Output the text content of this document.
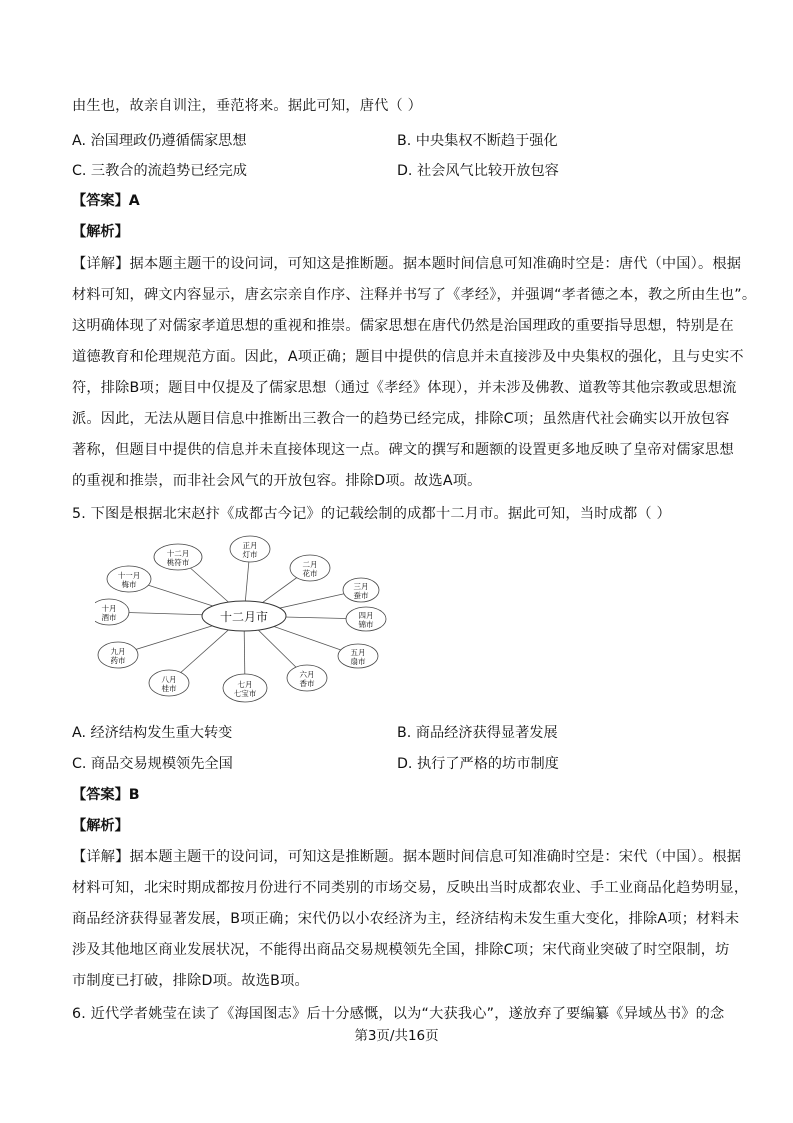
由生也，故亲自训注，垂范将来。据此可知，唐代（ ）
A. 治国理政仍遵循儒家思想	B. 中央集权不断趋于强化
C. 三教合的流趋势已经完成	D. 社会风气比较开放包容
【答案】A
【解析】
【详解】据本题主题干的设问词，可知这是推断题。据本题时间信息可知准确时空是：唐代（中国）。根据
材料可知，碑文内容显示，唐玄宗亲自作序、注释并书写了《孝经》，并强调“孝者德之本，教之所由生也”。
这明确体现了对儒家孝道思想的重视和推崇。儒家思想在唐代仍然是治国理政的重要指导思想，特别是在
道德教育和伦理规范方面。因此，A项正确；题目中提供的信息并未直接涉及中央集权的强化，且与史实不
符，排除B项；题目中仅提及了儒家思想（通过《孝经》体现），并未涉及佛教、道教等其他宗教或思想流
派。因此，无法从题目信息中推断出三教合一的趋势已经完成，排除C项；虽然唐代社会确实以开放包容
著称，但题目中提供的信息并未直接体现这一点。碑文的撰写和题额的设置更多地反映了皇帝对儒家思想
的重视和推崇，而非社会风气的开放包容。排除D项。故选A项。
5. 下图是根据北宋赵抃《成都古今记》的记载绘制的成都十二月市。据此可知，当时成都（ ）
正月
灯市
二月
花市
三月
蚕市
四月
锦市
五月
扇市
六月
香市
七月
七宝市
八月
桂市
九月
药市
十月
酒市
十一月
梅市
十二月
桃符市
十二月市
A. 经济结构发生重大转变	B. 商品经济获得显著发展
C. 商品交易规模领先全国	D. 执行了严格的坊市制度
【答案】B
【解析】
【详解】据本题主题干的设问词，可知这是推断题。据本题时间信息可知准确时空是：宋代（中国）。根据
材料可知，北宋时期成都按月份进行不同类别的市场交易，反映出当时成都农业、手工业商品化趋势明显，
商品经济获得显著发展，B项正确；宋代仍以小农经济为主，经济结构未发生重大变化，排除A项；材料未
涉及其他地区商业发展状况，不能得出商品交易规模领先全国，排除C项；宋代商业突破了时空限制，坊
市制度已打破，排除D项。故选B项。
6. 近代学者姚莹在读了《海国图志》后十分感慨，以为“大获我心”，遂放弃了要编纂《异域丛书》的念
第3页/共16页
